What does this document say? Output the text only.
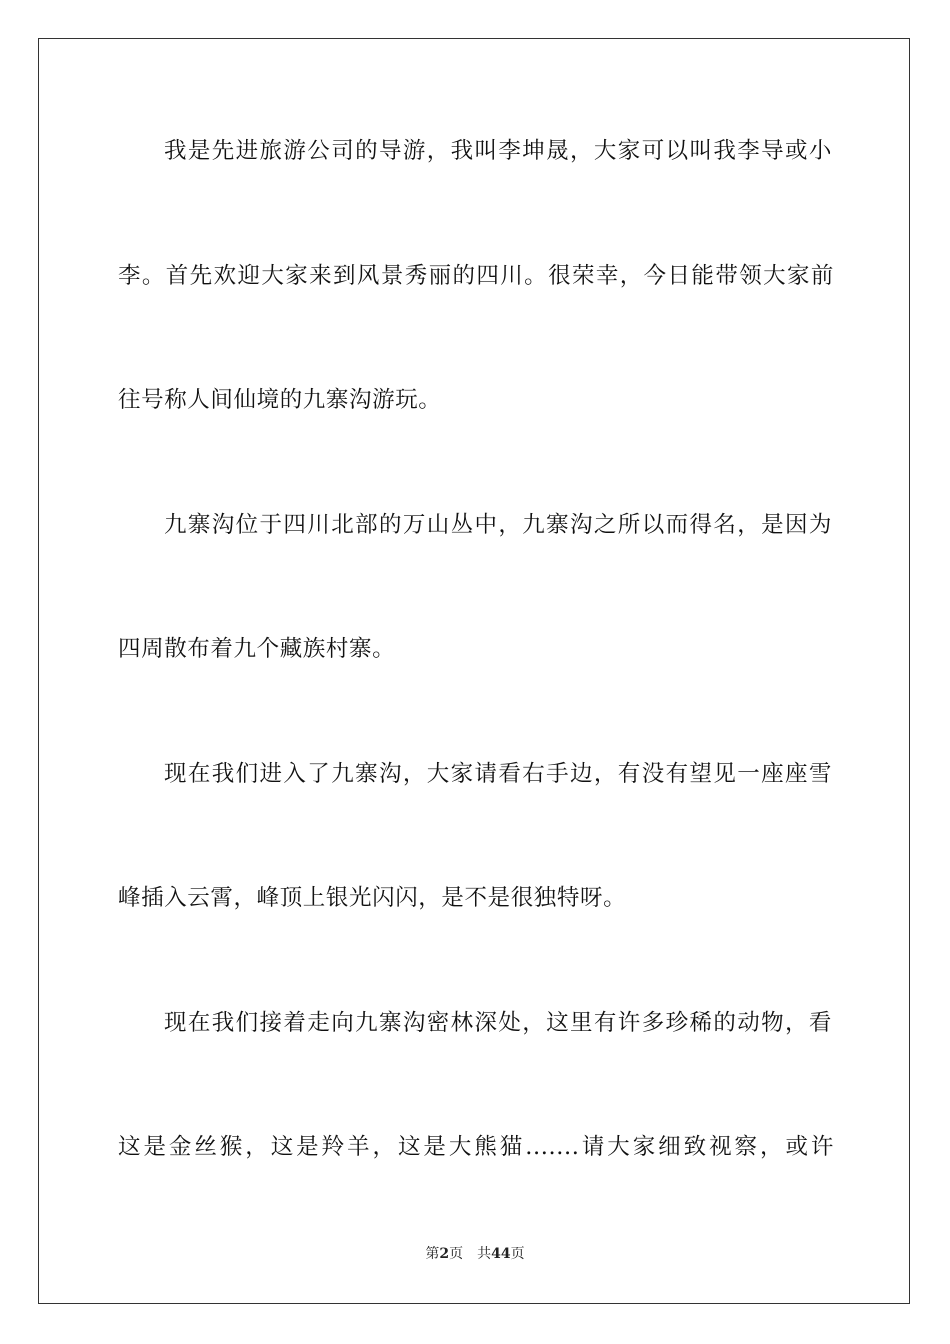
我是先进旅游公司的导游，我叫李坤晟，大家可以叫我李导或小
李。首先欢迎大家来到风景秀丽的四川。很荣幸，今日能带领大家前
往号称人间仙境的九寨沟游玩。
九寨沟位于四川北部的万山丛中，九寨沟之所以而得名，是因为
四周散布着九个藏族村寨。
现在我们进入了九寨沟，大家请看右手边，有没有望见一座座雪
峰插入云霄，峰顶上银光闪闪，是不是很独特呀。
现在我们接着走向九寨沟密林深处，这里有许多珍稀的动物，看
这是金丝猴，这是羚羊，这是大熊猫.......请大家细致视察，或许
第2页 共44页
